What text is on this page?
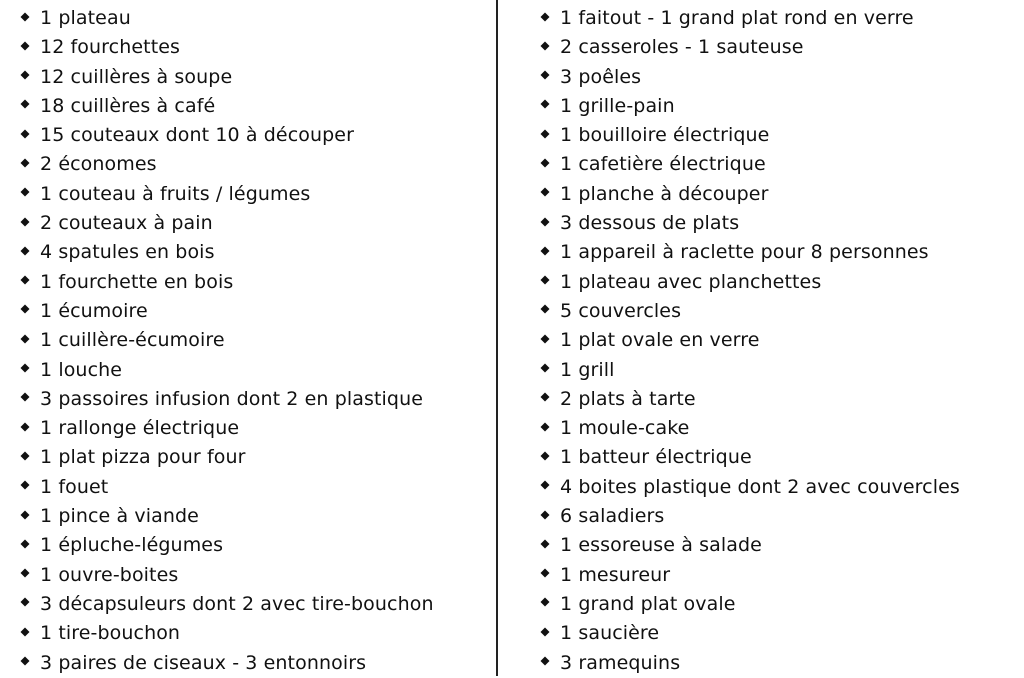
1 plateau
12 fourchettes
12 cuillères à soupe
18 cuillères à café
15 couteaux dont 10 à découper
2 économes
1 couteau à fruits / légumes
2 couteaux à pain
4 spatules en bois
1 fourchette en bois
1 écumoire
1 cuillère-écumoire
1 louche
3 passoires infusion dont 2 en plastique
1 rallonge électrique
1 plat pizza pour four
1 fouet
1 pince à viande
1 épluche-légumes
1 ouvre-boites
3 décapsuleurs dont 2 avec tire-bouchon
1 tire-bouchon
3 paires de ciseaux - 3 entonnoirs
1 faitout - 1 grand plat rond en verre
2 casseroles - 1 sauteuse
3 poêles
1 grille-pain
1 bouilloire électrique
1 cafetière électrique
1 planche à découper
3 dessous de plats
1 appareil à raclette pour 8 personnes
1 plateau avec planchettes
5 couvercles
1 plat ovale en verre
1 grill
2 plats à tarte
1 moule-cake
1 batteur électrique
4 boites plastique dont 2 avec couvercles
6 saladiers
1 essoreuse à salade
1 mesureur
1 grand plat ovale
1 saucière
3 ramequins
